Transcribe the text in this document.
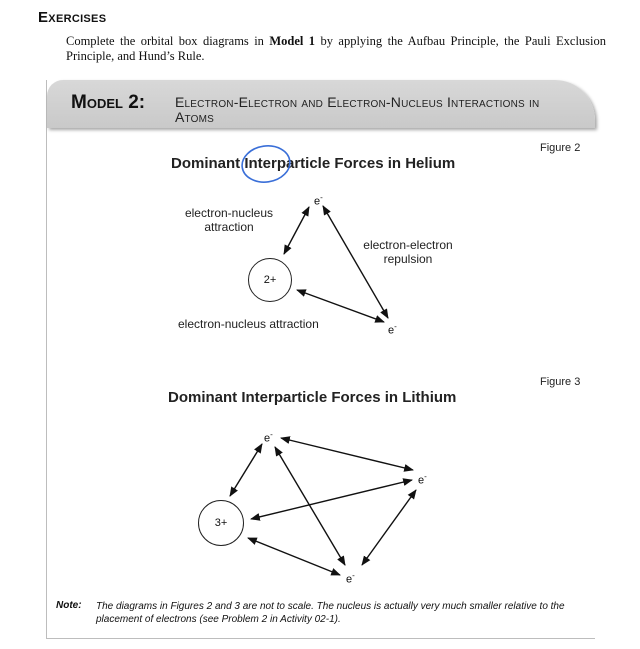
Exercises
Complete the orbital box diagrams in Model 1 by applying the Aufbau Principle, the Pauli Exclusion Principle, and Hund’s Rule.
Model 2: Electron-Electron and Electron-Nucleus Interactions in Atoms
Figure 2
Dominant Interparticle Forces in Helium
electron-nucleus attraction
electron-electron repulsion
electron-nucleus attraction
2+
e-
e-
Figure 3
Dominant Interparticle Forces in Lithium
3+
e-
e-
e-
Note: The diagrams in Figures 2 and 3 are not to scale. The nucleus is actually very much smaller relative to the placement of electrons (see Problem 2 in Activity 02-1).
